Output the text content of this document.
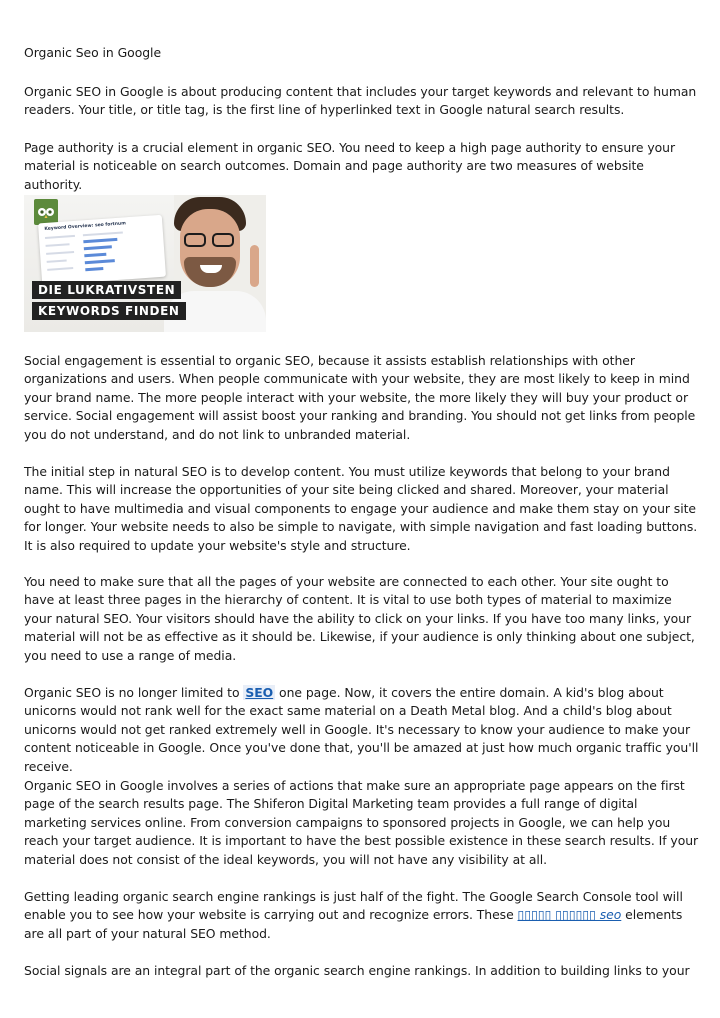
Organic Seo in Google

Organic SEO in Google is about producing content that includes your target keywords and relevant to human readers. Your title, or title tag, is the first line of hyperlinked text in Google natural search results.

Page authority is a crucial element in organic SEO. You need to keep a high page authority to ensure your material is noticeable on search outcomes. Domain and page authority are two measures of website authority.

Keyword Overview: seo fortnum
DIE LUKRATIVSTEN
KEYWORDS FINDEN

Social engagement is essential to organic SEO, because it assists establish relationships with other organizations and users. When people communicate with your website, they are most likely to keep in mind your brand name. The more people interact with your website, the more likely they will buy your product or service. Social engagement will assist boost your ranking and branding. You should not get links from people you do not understand, and do not link to unbranded material.

The initial step in natural SEO is to develop content. You must utilize keywords that belong to your brand name. This will increase the opportunities of your site being clicked and shared. Moreover, your material ought to have multimedia and visual components to engage your audience and make them stay on your site for longer. Your website needs to also be simple to navigate, with simple navigation and fast loading buttons. It is also required to update your website's style and structure.

You need to make sure that all the pages of your website are connected to each other. Your site ought to have at least three pages in the hierarchy of content. It is vital to use both types of material to maximize your natural SEO. Your visitors should have the ability to click on your links. If you have too many links, your material will not be as effective as it should be. Likewise, if your audience is only thinking about one subject, you need to use a range of media.

Organic SEO is no longer limited to SEO one page. Now, it covers the entire domain. A kid's blog about unicorns would not rank well for the exact same material on a Death Metal blog. And a child's blog about unicorns would not get ranked extremely well in Google. It's necessary to know your audience to make your content noticeable in Google. Once you've done that, you'll be amazed at just how much organic traffic you'll receive.

Organic SEO in Google involves a series of actions that make sure an appropriate page appears on the first page of the search results page. The Shiferon Digital Marketing team provides a full range of digital marketing services online. From conversion campaigns to sponsored projects in Google, we can help you reach your target audience. It is important to have the best possible existence in these search results. If your material does not consist of the ideal keywords, you will not have any visibility at all.

Getting leading organic search engine rankings is just half of the fight. The Google Search Console tool will enable you to see how your website is carrying out and recognize errors. These ▯▯▯▯▯ ▯▯▯▯▯▯ seo elements are all part of your natural SEO method.

Social signals are an integral part of the organic search engine rankings. In addition to building links to your
